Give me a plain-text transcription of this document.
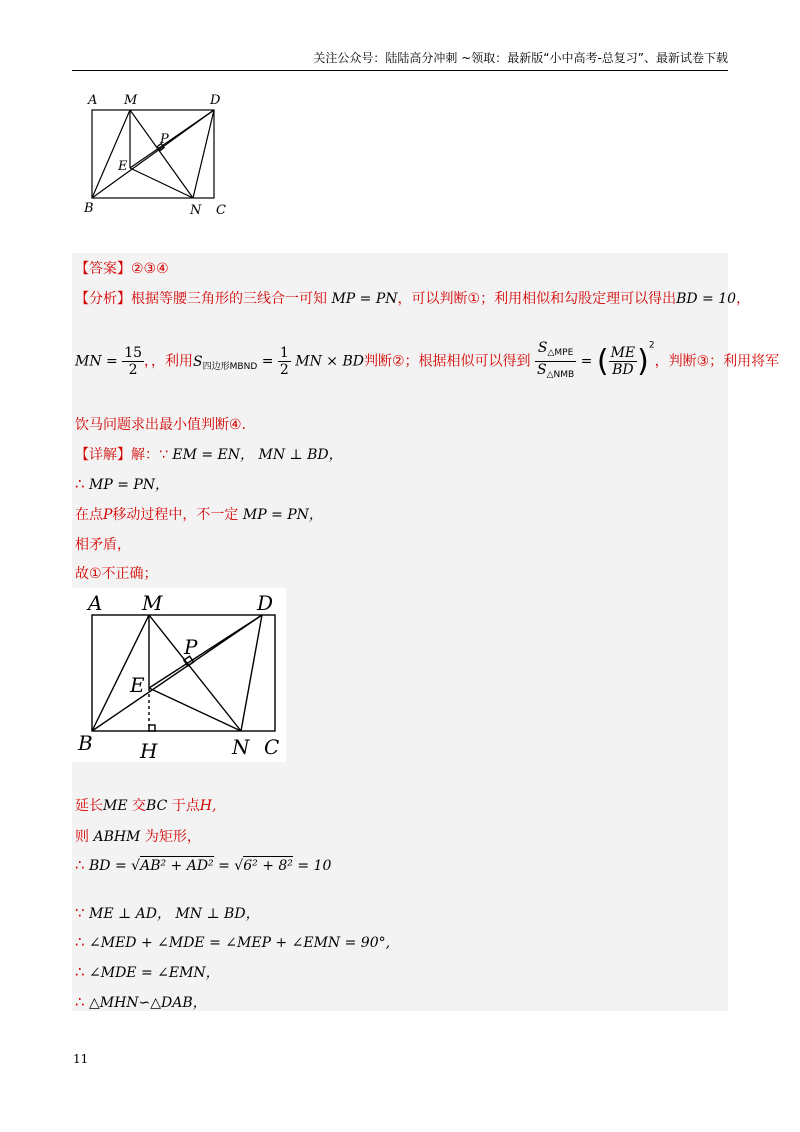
关注公众号：陆陆高分冲刺 ~领取：最新版“小中高考-总复习”、最新试卷下载
A M	D
P
E
B	N C
【答案】②③④
【分析】根据等腰三角形的三线合一可知 MP = PN，可以判断①；利用相似和勾股定理可以得出BD = 10，
MN = $\frac{15}{2}$ ，，利用$S_{四边形MBND} = \frac{1}{2}$ MN × BD判断②；根据相似可以得到 $\frac{S_{\triangle MPE}}{S_{\triangle NMB}}$ = ( $\frac{ME}{BD} )^2$，判断③；利用将军
饮马问题求出最小值判断④.
【详解】解：∵ EM = EN， MN ⊥ BD，
∴ MP = PN，
在点P移动过程中，不一定 MP = PN，
相矛盾，
故①不正确；
A M	D
P
E
B H	N C
延长ME 交BC 于点H,
则 ABHM 为矩形，
∴ BD = √AB² + AD² = √6² + 8² = 10
∵ ME ⊥ AD， MN ⊥ BD，
∴ ∠MED + ∠MDE = ∠MEP + ∠EMN = 90°,
∴ ∠MDE = ∠EMN，
∴ △MHN∽△DAB，
11
